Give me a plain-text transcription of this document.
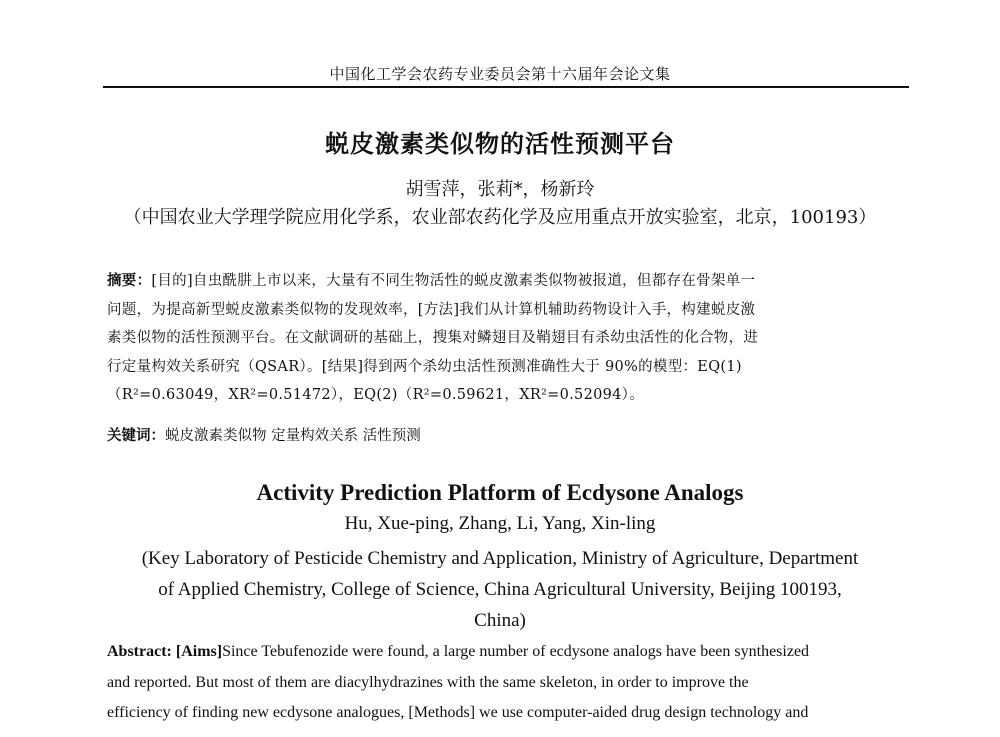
中国化工学会农药专业委员会第十六届年会论文集
蜕皮激素类似物的活性预测平台
胡雪萍，张莉*，杨新玲
（中国农业大学理学院应用化学系，农业部农药化学及应用重点开放实验室，北京，100193）
摘要：[目的]自虫酰肼上市以来，大量有不同生物活性的蜕皮激素类似物被报道，但都存在骨架单一
问题，为提高新型蜕皮激素类似物的发现效率，[方法]我们从计算机辅助药物设计入手，构建蜕皮激
素类似物的活性预测平台。在文献调研的基础上，搜集对鳞翅目及鞘翅目有杀幼虫活性的化合物，进
行定量构效关系研究（QSAR）。[结果]得到两个杀幼虫活性预测准确性大于 90%的模型：EQ(1)
（R²=0.63049，XR²=0.51472），EQ(2)（R²=0.59621，XR²=0.52094）。
关键词：蜕皮激素类似物 定量构效关系 活性预测
Activity Prediction Platform of Ecdysone Analogs
Hu, Xue-ping, Zhang, Li, Yang, Xin-ling
(Key Laboratory of Pesticide Chemistry and Application, Ministry of Agriculture, Department
of Applied Chemistry, College of Science, China Agricultural University, Beijing 100193,
China)
Abstract: [Aims]Since Tebufenozide were found, a large number of ecdysone analogs have been synthesized
and reported. But most of them are diacylhydrazines with the same skeleton, in order to improve the
efficiency of finding new ecdysone analogues, [Methods] we use computer-aided drug design technology and
